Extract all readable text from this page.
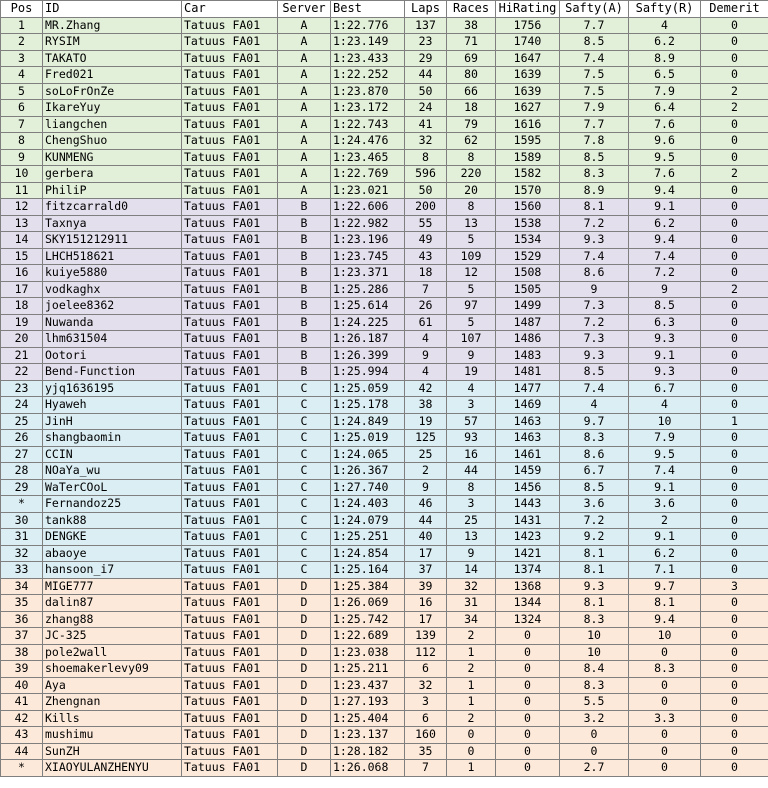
Pos	ID	Car	Server	Best	Laps	Races	HiRating	Safty(A)	Safty(R)	Demerit
1	MR.Zhang	Tatuus FA01	A	1:22.776	137	38	1756	7.7	4	0
2	RYSIM	Tatuus FA01	A	1:23.149	23	71	1740	8.5	6.2	0
3	TAKATO	Tatuus FA01	A	1:23.433	29	69	1647	7.4	8.9	0
4	Fred021	Tatuus FA01	A	1:22.252	44	80	1639	7.5	6.5	0
5	soLoFrOnZe	Tatuus FA01	A	1:23.870	50	66	1639	7.5	7.9	2
6	IkareYuy	Tatuus FA01	A	1:23.172	24	18	1627	7.9	6.4	2
7	liangchen	Tatuus FA01	A	1:22.743	41	79	1616	7.7	7.6	0
8	ChengShuo	Tatuus FA01	A	1:24.476	32	62	1595	7.8	9.6	0
9	KUNMENG	Tatuus FA01	A	1:23.465	8	8	1589	8.5	9.5	0
10	gerbera	Tatuus FA01	A	1:22.769	596	220	1582	8.3	7.6	2
11	PhiliP	Tatuus FA01	A	1:23.021	50	20	1570	8.9	9.4	0
12	fitzcarrald0	Tatuus FA01	B	1:22.606	200	8	1560	8.1	9.1	0
13	Taxnya	Tatuus FA01	B	1:22.982	55	13	1538	7.2	6.2	0
14	SKY151212911	Tatuus FA01	B	1:23.196	49	5	1534	9.3	9.4	0
15	LHCH518621	Tatuus FA01	B	1:23.745	43	109	1529	7.4	7.4	0
16	kuiye5880	Tatuus FA01	B	1:23.371	18	12	1508	8.6	7.2	0
17	vodkaghx	Tatuus FA01	B	1:25.286	7	5	1505	9	9	2
18	joelee8362	Tatuus FA01	B	1:25.614	26	97	1499	7.3	8.5	0
19	Nuwanda	Tatuus FA01	B	1:24.225	61	5	1487	7.2	6.3	0
20	lhm631504	Tatuus FA01	B	1:26.187	4	107	1486	7.3	9.3	0
21	Ootori	Tatuus FA01	B	1:26.399	9	9	1483	9.3	9.1	0
22	Bend-Function	Tatuus FA01	B	1:25.994	4	19	1481	8.5	9.3	0
23	yjq1636195	Tatuus FA01	C	1:25.059	42	4	1477	7.4	6.7	0
24	Hyaweh	Tatuus FA01	C	1:25.178	38	3	1469	4	4	0
25	JinH	Tatuus FA01	C	1:24.849	19	57	1463	9.7	10	1
26	shangbaomin	Tatuus FA01	C	1:25.019	125	93	1463	8.3	7.9	0
27	CCIN	Tatuus FA01	C	1:24.065	25	16	1461	8.6	9.5	0
28	NOaYa_wu	Tatuus FA01	C	1:26.367	2	44	1459	6.7	7.4	0
29	WaTerCOoL	Tatuus FA01	C	1:27.740	9	8	1456	8.5	9.1	0
*	Fernandoz25	Tatuus FA01	C	1:24.403	46	3	1443	3.6	3.6	0
30	tank88	Tatuus FA01	C	1:24.079	44	25	1431	7.2	2	0
31	DENGKE	Tatuus FA01	C	1:25.251	40	13	1423	9.2	9.1	0
32	abaoye	Tatuus FA01	C	1:24.854	17	9	1421	8.1	6.2	0
33	hansoon_i7	Tatuus FA01	C	1:25.164	37	14	1374	8.1	7.1	0
34	MIGE777	Tatuus FA01	D	1:25.384	39	32	1368	9.3	9.7	3
35	dalin87	Tatuus FA01	D	1:26.069	16	31	1344	8.1	8.1	0
36	zhang88	Tatuus FA01	D	1:25.742	17	34	1324	8.3	9.4	0
37	JC-325	Tatuus FA01	D	1:22.689	139	2	0	10	10	0
38	pole2wall	Tatuus FA01	D	1:23.038	112	1	0	10	0	0
39	shoemakerlevy09	Tatuus FA01	D	1:25.211	6	2	0	8.4	8.3	0
40	Aya	Tatuus FA01	D	1:23.437	32	1	0	8.3	0	0
41	Zhengnan	Tatuus FA01	D	1:27.193	3	1	0	5.5	0	0
42	Kills	Tatuus FA01	D	1:25.404	6	2	0	3.2	3.3	0
43	mushimu	Tatuus FA01	D	1:23.137	160	0	0	0	0	0
44	SunZH	Tatuus FA01	D	1:28.182	35	0	0	0	0	0
*	XIAOYULANZHENYU	Tatuus FA01	D	1:26.068	7	1	0	2.7	0	0
